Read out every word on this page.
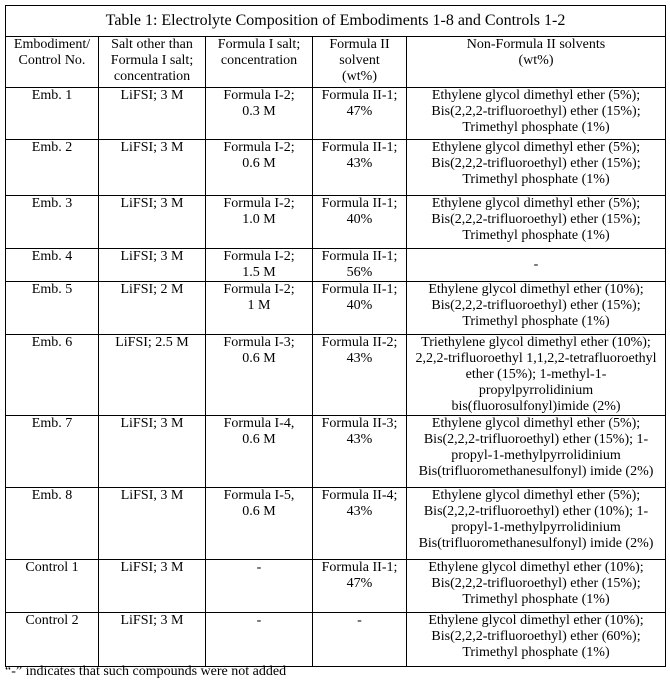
Table 1: Electrolyte Composition of Embodiments 1-8 and Controls 1-2				

Embodiment/
Control No.	Salt other than
Formula I salt;
concentration	Formula I salt;
concentration	Formula II
solvent
(wt%)	Non-Formula II solvents
(wt%)

Emb. 1	LiFSI; 3 M	Formula I-2;
0.3 M	Formula II-1;
47%	Ethylene glycol dimethyl ether (5%);
Bis(2,2,2-trifluoroethyl) ether (15%);
Trimethyl phosphate (1%)

Emb. 2	LiFSI; 3 M	Formula I-2;
0.6 M	Formula II-1;
43%	Ethylene glycol dimethyl ether (5%);
Bis(2,2,2-trifluoroethyl) ether (15%);
Trimethyl phosphate (1%)

Emb. 3	LiFSI; 3 M	Formula I-2;
1.0 M	Formula II-1;
40%	Ethylene glycol dimethyl ether (5%);
Bis(2,2,2-trifluoroethyl) ether (15%);
Trimethyl phosphate (1%)

Emb. 4	LiFSI; 3 M	Formula I-2;
1.5 M	Formula II-1;
56%	-

Emb. 5	LiFSI; 2 M	Formula I-2;
1 M	Formula II-1;
40%	Ethylene glycol dimethyl ether (10%);
Bis(2,2,2-trifluoroethyl) ether (15%);
Trimethyl phosphate (1%)

Emb. 6	LiFSI; 2.5 M	Formula I-3;
0.6 M	Formula II-2;
43%	Triethylene glycol dimethyl ether (10%);
2,2,2-trifluoroethyl 1,1,2,2-tetrafluoroethyl
ether (15%); 1-methyl-1-propylpyrrolidinium
bis(fluorosulfonyl)imide (2%)

Emb. 7	LiFSI; 3 M	Formula I-4,
0.6 M	Formula II-3;
43%	Ethylene glycol dimethyl ether (5%);
Bis(2,2,2-trifluoroethyl) ether (15%); 1-
propyl-1-methylpyrrolidinium
Bis(trifluoromethanesulfonyl) imide (2%)

Emb. 8	LiFSI, 3 M	Formula I-5,
0.6 M	Formula II-4;
43%	Ethylene glycol dimethyl ether (5%);
Bis(2,2,2-trifluoroethyl) ether (10%); 1-
propyl-1-methylpyrrolidinium
Bis(trifluoromethanesulfonyl) imide (2%)

Control 1	LiFSI; 3 M	-	Formula II-1;
47%	Ethylene glycol dimethyl ether (10%);
Bis(2,2,2-trifluoroethyl) ether (15%);
Trimethyl phosphate (1%)

Control 2	LiFSI; 3 M	-	-	Ethylene glycol dimethyl ether (10%);
Bis(2,2,2-trifluoroethyl) ether (60%);
Trimethyl phosphate (1%)
“-” indicates that such compounds were not added
